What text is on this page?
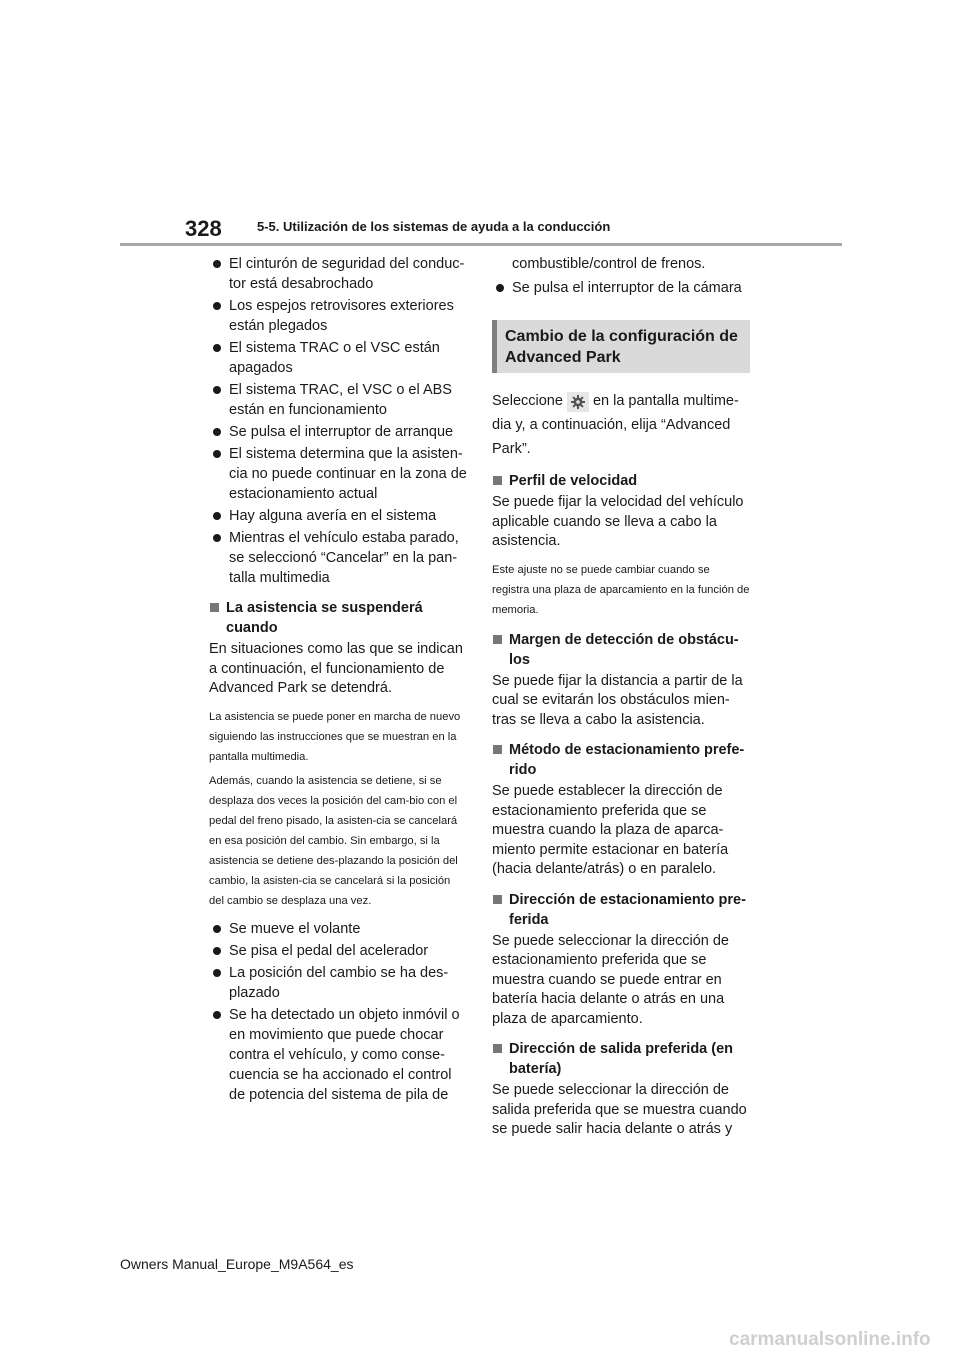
328	5-5. Utilización de los sistemas de ayuda a la conducción
El cinturón de seguridad del conduc-tor está desabrochado
Los espejos retrovisores exteriores están plegados
El sistema TRAC o el VSC están apagados
El sistema TRAC, el VSC o el ABS están en funcionamiento
Se pulsa el interruptor de arranque
El sistema determina que la asisten-cia no puede continuar en la zona de estacionamiento actual
Hay alguna avería en el sistema
Mientras el vehículo estaba parado, se seleccionó “Cancelar” en la pan-talla multimedia
La asistencia se suspenderá cuando

En situaciones como las que se indican a continuación, el funcionamiento de Advanced Park se detendrá.

La asistencia se puede poner en marcha de nuevo siguiendo las instrucciones que se muestran en la pantalla multimedia.

Además, cuando la asistencia se detiene, si se desplaza dos veces la posición del cam-bio con el pedal del freno pisado, la asisten-cia se cancelará en esa posición del cambio. Sin embargo, si la asistencia se detiene des-plazando la posición del cambio, la asisten-cia se cancelará si la posición del cambio se desplaza una vez.

Se mueve el volante
Se pisa el pedal del acelerador
La posición del cambio se ha des-plazado
Se ha detectado un objeto inmóvil o en movimiento que puede chocar contra el vehículo, y como conse-cuencia se ha accionado el control de potencia del sistema de pila de

combustible/control de frenos.

Se pulsa el interruptor de la cámara
Cambio de la configuración de Advanced Park

Seleccione en la pantalla multime-dia y, a continuación, elija “Advanced Park”.

Perfil de velocidad

Se puede fijar la velocidad del vehículo aplicable cuando se lleva a cabo la asistencia.

Este ajuste no se puede cambiar cuando se registra una plaza de aparcamiento en la función de memoria.

Margen de detección de obstácu-los

Se puede fijar la distancia a partir de la cual se evitarán los obstáculos mien-tras se lleva a cabo la asistencia.

Método de estacionamiento prefe-rido

Se puede establecer la dirección de estacionamiento preferida que se muestra cuando la plaza de aparca-miento permite estacionar en batería (hacia delante/atrás) o en paralelo.

Dirección de estacionamiento pre-ferida

Se puede seleccionar la dirección de estacionamiento preferida que se muestra cuando se puede entrar en batería hacia delante o atrás en una plaza de aparcamiento.

Dirección de salida preferida (en batería)

Se puede seleccionar la dirección de salida preferida que se muestra cuando se puede salir hacia delante o atrás y

Owners Manual_Europe_M9A564_es
carmanualsonline.info
